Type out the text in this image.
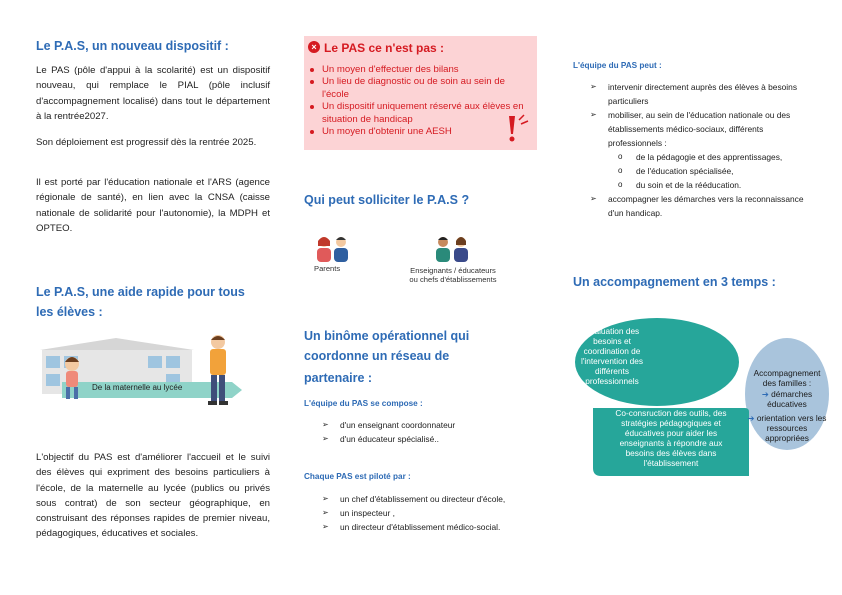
Le P.A.S, un nouveau dispositif :

Le PAS (pôle d'appui à la scolarité) est un dispositif nouveau, qui remplace le PIAL (pôle inclusif d'accompagnement localisé) dans tout le département à la rentrée2027.

Son déploiement est progressif dès la rentrée 2025.

Il est porté par l'éducation nationale et l'ARS (agence régionale de santé), en lien avec la CNSA (caisse nationale de solidarité pour l'autonomie), la MDPH et OPTEO.

Le P.A.S, une aide rapide pour tous
les élèves :
De la maternelle au lycée

L'objectif du PAS est d'améliorer l'accueil et le suivi des élèves qui expriment des besoins particuliers à l'école, de la maternelle au lycée (publics ou privés sous contrat) de son secteur géographique, en construisant des réponses rapides de premier niveau, pédagogiques, éducatives et sociales.

× Le PAS ce n'est pas :
Un moyen d'effectuer des bilans
Un lieu de diagnostic ou de soin au sein de l'école
Un dispositif uniquement réservé aux élèves en situation de handicap
Un moyen d'obtenir une AESH
Qui peut solliciter le P.A.S ?
Parents	Enseignants / éducateurs
ou chefs d'établissements
Un binôme opérationnel qui
coordonne un réseau de
partenaire :
L'équipe du PAS se compose :
➢ d'un enseignant coordonnateur
➢ d'un éducateur spécialisé..
Chaque PAS est piloté par :
➢ un chef d'établissement ou directeur d'école,
➢ un inspecteur ,
➢ un directeur d'établissement médico-social.
L'équipe du PAS peut :
➢ intervenir directement auprès des élèves à besoins particuliers
➢ mobiliser, au sein de l'éducation nationale ou des établissements médico-sociaux, différents professionnels :
o de la pédagogie et des apprentissages,
o de l'éducation spécialisée,
o du soin et de la rééducation.
➢ accompagner les démarches vers la reconnaissance d'un handicap.
Un accompagnement en 3 temps :
Évaluation des besoins et coordination de l'intervention des différents professionnels
Co-consruction des outils, des stratégies pédagogiques et éducatives pour aider les enseignants à répondre aux besoins des élèves dans l'établissement
Accompagnement des familles :
➔ démarches éducatives
➔ orientation vers les ressources appropriées
